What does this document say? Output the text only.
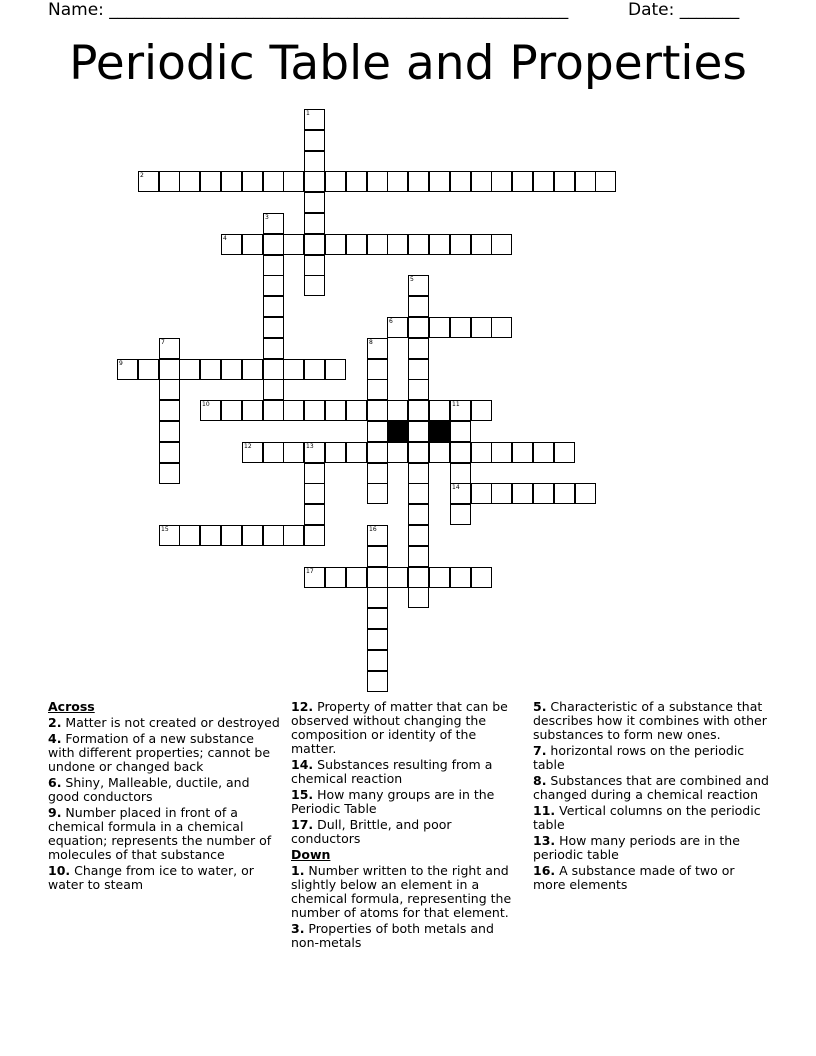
Name: ______________________________________________________	Date: _______
Periodic Table and Properties
1
2
3
4
5
6
7	8
9
10	11
14
12	13
15	16
17
Across
2. Matter is not created or destroyed
4. Formation of a new substance with different properties; cannot be undone or changed back
6. Shiny, Malleable, ductile, and good conductors
9. Number placed in front of a chemical formula in a chemical equation; represents the number of molecules of that substance
10. Change from ice to water, or water to steam
12. Property of matter that can be observed without changing the composition or identity of the matter.
14. Substances resulting from a chemical reaction
15. How many groups are in the Periodic Table
17. Dull, Brittle, and poor conductors
Down
1. Number written to the right and slightly below an element in a chemical formula, representing the number of atoms for that element.
3. Properties of both metals and non-metals
5. Characteristic of a substance that describes how it combines with other substances to form new ones.
7. horizontal rows on the periodic table
8. Substances that are combined and changed during a chemical reaction
11. Vertical columns on the periodic table
13. How many periods are in the periodic table
16. A substance made of two or more elements
